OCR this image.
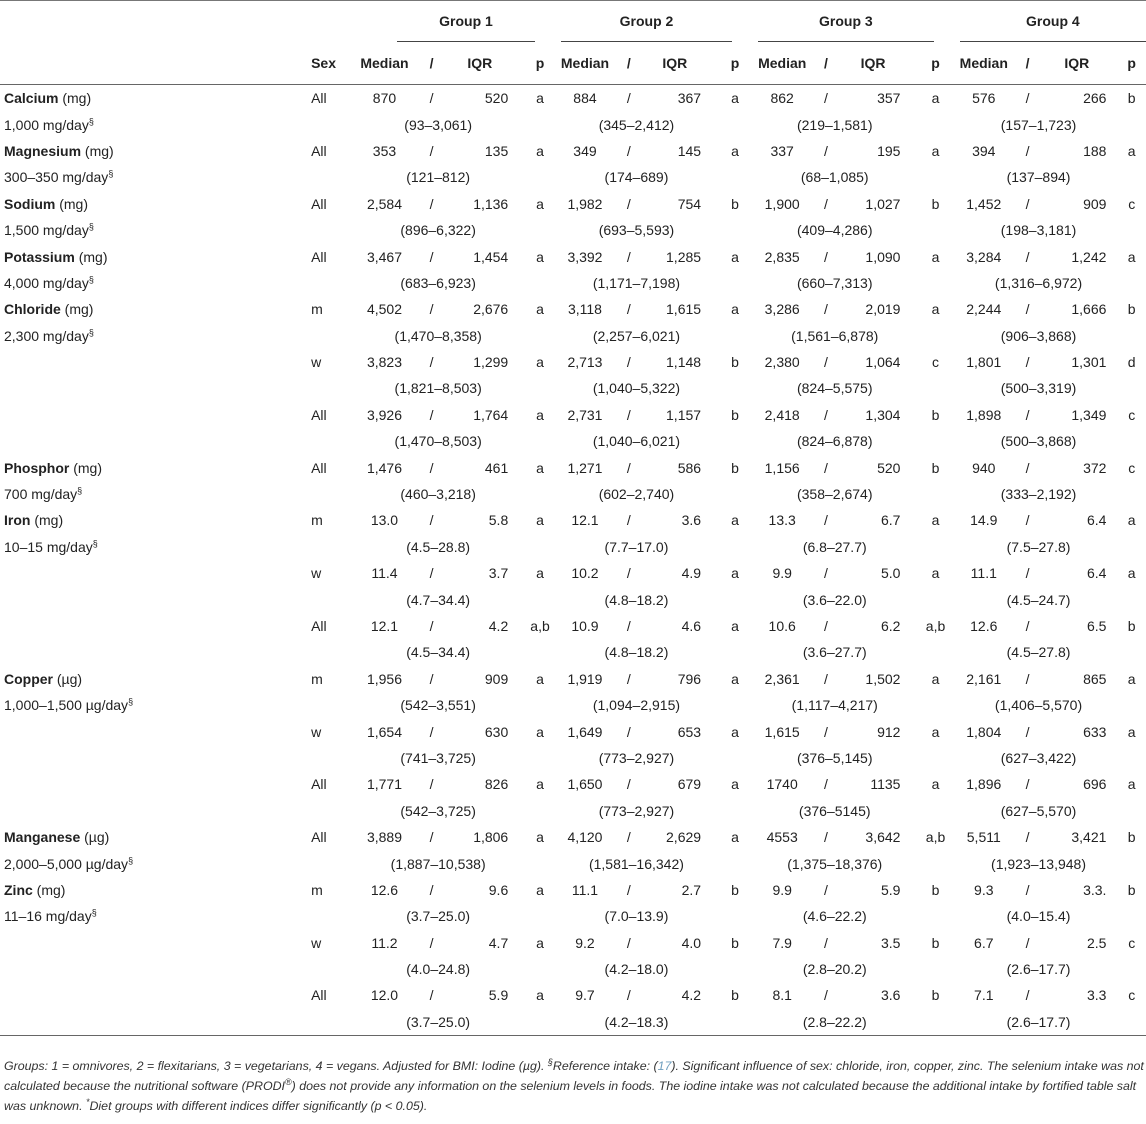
		Group 1					Group 2					Group 3					Group 4				

	Sex	Median	/	IQR		p	Median	/	IQR		p	Median	/	IQR		p	Median	/	IQR		p
Calcium (mg)	All	870	/	520		a	884	/	367		a	862	/	357		a	576	/	266		b
1,000 mg/day§		(93–3,061)					(345–2,412)					(219–1,581)					(157–1,723)				
Magnesium (mg)	All	353	/	135		a	349	/	145		a	337	/	195		a	394	/	188		a
300–350 mg/day§		(121–812)					(174–689)					(68–1,085)					(137–894)				
Sodium (mg)	All	2,584	/	1,136		a	1,982	/	754		b	1,900	/	1,027		b	1,452	/	909		c
1,500 mg/day§		(896–6,322)					(693–5,593)					(409–4,286)					(198–3,181)				
Potassium (mg)	All	3,467	/	1,454		a	3,392	/	1,285		a	2,835	/	1,090		a	3,284	/	1,242		a
4,000 mg/day§		(683–6,923)					(1,171–7,198)					(660–7,313)					(1,316–6,972)				
Chloride (mg)	m	4,502	/	2,676		a	3,118	/	1,615		a	3,286	/	2,019		a	2,244	/	1,666		b
2,300 mg/day§		(1,470–8,358)					(2,257–6,021)					(1,561–6,878)					(906–3,868)				
	w	3,823	/	1,299		a	2,713	/	1,148		b	2,380	/	1,064		c	1,801	/	1,301		d
		(1,821–8,503)					(1,040–5,322)					(824–5,575)					(500–3,319)				
	All	3,926	/	1,764		a	2,731	/	1,157		b	2,418	/	1,304		b	1,898	/	1,349		c
		(1,470–8,503)					(1,040–6,021)					(824–6,878)					(500–3,868)				
Phosphor (mg)	All	1,476	/	461		a	1,271	/	586		b	1,156	/	520		b	940	/	372		c
700 mg/day§		(460–3,218)					(602–2,740)					(358–2,674)					(333–2,192)				
Iron (mg)	m	13.0	/	5.8		a	12.1	/	3.6		a	13.3	/	6.7		a	14.9	/	6.4		a
10–15 mg/day§		(4.5–28.8)					(7.7–17.0)					(6.8–27.7)					(7.5–27.8)				
	w	11.4	/	3.7		a	10.2	/	4.9		a	9.9	/	5.0		a	11.1	/	6.4		a
		(4.7–34.4)					(4.8–18.2)					(3.6–22.0)					(4.5–24.7)				
	All	12.1	/	4.2		a,b	10.9	/	4.6		a	10.6	/	6.2		a,b	12.6	/	6.5		b
		(4.5–34.4)					(4.8–18.2)					(3.6–27.7)					(4.5–27.8)				
Copper (µg)	m	1,956	/	909		a	1,919	/	796		a	2,361	/	1,502		a	2,161	/	865		a
1,000–1,500 µg/day§		(542–3,551)					(1,094–2,915)					(1,117–4,217)					(1,406–5,570)				
	w	1,654	/	630		a	1,649	/	653		a	1,615	/	912		a	1,804	/	633		a
		(741–3,725)					(773–2,927)					(376–5,145)					(627–3,422)				
	All	1,771	/	826		a	1,650	/	679		a	1740	/	1135		a	1,896	/	696		a
		(542–3,725)					(773–2,927)					(376–5145)					(627–5,570)				
Manganese (µg)	All	3,889	/	1,806		a	4,120	/	2,629		a	4553	/	3,642		a,b	5,511	/	3,421		b
2,000–5,000 µg/day§		(1,887–10,538)					(1,581–16,342)					(1,375–18,376)					(1,923–13,948)				
Zinc (mg)	m	12.6	/	9.6		a	11.1	/	2.7		b	9.9	/	5.9		b	9.3	/	3.3.		b
11–16 mg/day§		(3.7–25.0)					(7.0–13.9)					(4.6–22.2)					(4.0–15.4)				
	w	11.2	/	4.7		a	9.2	/	4.0		b	7.9	/	3.5		b	6.7	/	2.5		c
		(4.0–24.8)					(4.2–18.0)					(2.8–20.2)					(2.6–17.7)				
	All	12.0	/	5.9		a	9.7	/	4.2		b	8.1	/	3.6		b	7.1	/	3.3		c
		(3.7–25.0)					(4.2–18.3)					(2.8–22.2)					(2.6–17.7)				
Groups: 1 = omnivores, 2 = flexitarians, 3 = vegetarians, 4 = vegans. Adjusted for BMI: Iodine (µg). §Reference intake: (17). Significant influence of sex: chloride, iron, copper, zinc. The selenium intake was not calculated because the nutritional software (PRODI®) does not provide any information on the selenium levels in foods. The iodine intake was not calculated because the additional intake by fortified table salt was unknown. *Diet groups with different indices differ significantly (p < 0.05).
